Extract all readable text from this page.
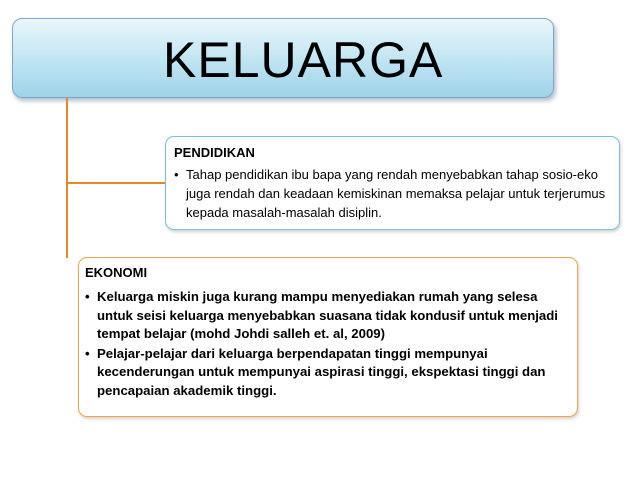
KELUARGA
PENDIDIKAN
• Tahap pendidikan ibu bapa yang rendah menyebabkan tahap sosio-eko juga rendah dan keadaan kemiskinan memaksa pelajar untuk terjerumus kepada masalah-masalah disiplin.
EKONOMI
• Keluarga miskin juga kurang mampu menyediakan rumah yang selesa untuk seisi keluarga menyebabkan suasana tidak kondusif untuk menjadi tempat belajar (mohd Johdi salleh et. al, 2009)
• Pelajar-pelajar dari keluarga berpendapatan tinggi mempunyai kecenderungan untuk mempunyai aspirasi tinggi, ekspektasi tinggi dan pencapaian akademik tinggi.
